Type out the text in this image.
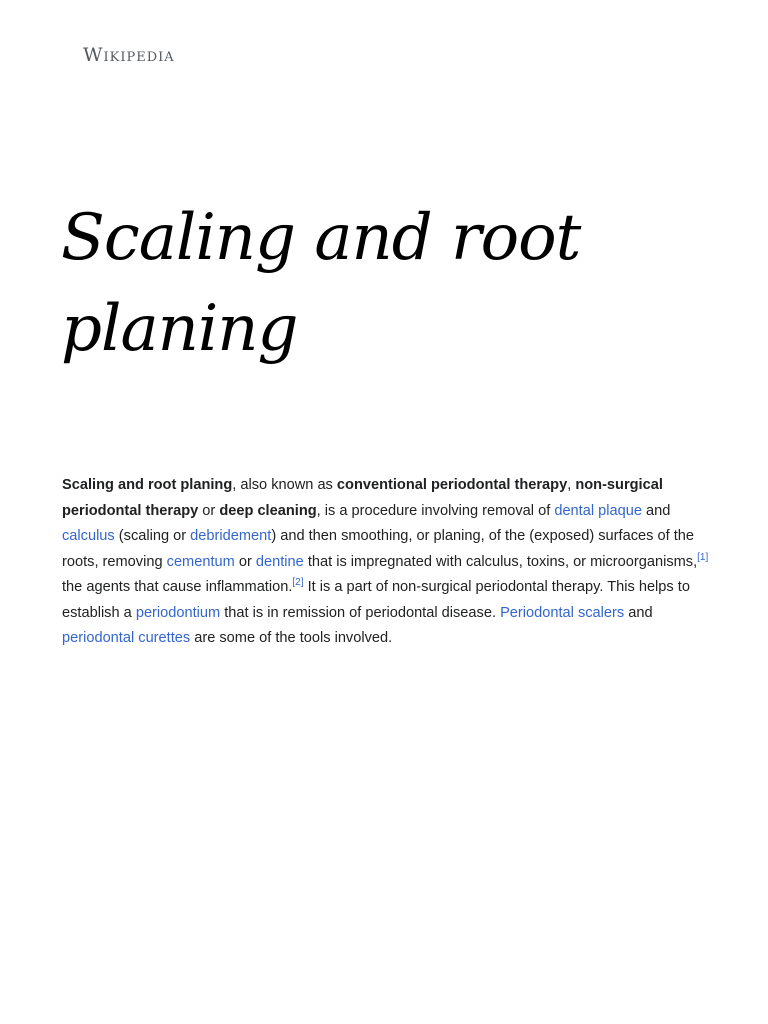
Wikipedia
Scaling and root planing

Scaling and root planing, also known as conventional periodontal therapy, non-surgical periodontal therapy or deep cleaning, is a procedure involving removal of dental plaque and calculus (scaling or debridement) and then smoothing, or planing, of the (exposed) surfaces of the roots, removing cementum or dentine that is impregnated with calculus, toxins, or microorganisms,[1] the agents that cause inflammation.[2] It is a part of non-surgical periodontal therapy. This helps to establish a periodontium that is in remission of periodontal disease. Periodontal scalers and periodontal curettes are some of the tools involved.
